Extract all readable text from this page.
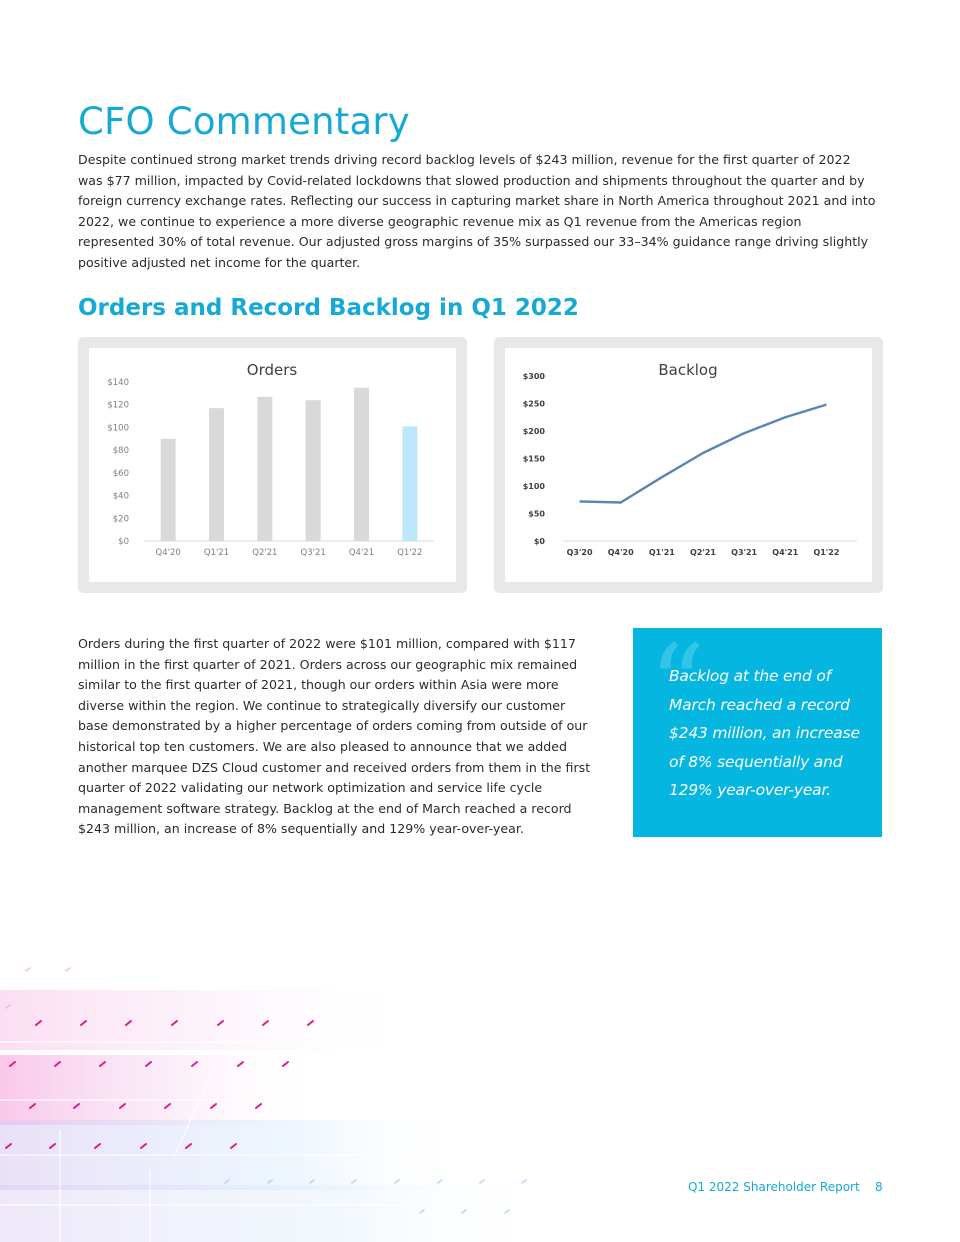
CFO Commentary

Despite continued strong market trends driving record backlog levels of $243 million, revenue for the first quarter of 2022 was $77 million, impacted by Covid-related lockdowns that slowed production and shipments throughout the quarter and by foreign currency exchange rates. Reflecting our success in capturing market share in North America throughout 2021 and into 2022, we continue to experience a more diverse geographic revenue mix as Q1 revenue from the Americas region represented 30% of total revenue. Our adjusted gross margins of 35% surpassed our 33–34% guidance range driving slightly positive adjusted net income for the quarter.

Orders and Record Backlog in Q1 2022
Orders
$0
$20
$40
$60
$80
$100
$120
$140
Q4'20	Q1'21	Q2'21	Q3'21	Q4'21	Q1'22
Backlog
$0
$50
$100
$150
$200
$250
$300
Q3'20 Q4'20 Q1'21 Q2'21 Q3'21 Q4'21 Q1'22

Orders during the first quarter of 2022 were $101 million, compared with $117 million in the first quarter of 2021. Orders across our geographic mix remained similar to the first quarter of 2021, though our orders within Asia were more diverse within the region. We continue to strategically diversify our customer base demonstrated by a higher percentage of orders coming from outside of our historical top ten customers. We are also pleased to announce that we added another marquee DZS Cloud customer and received orders from them in the first quarter of 2022 validating our network optimization and service life cycle management software strategy. Backlog at the end of March reached a record $243 million, an increase of 8% sequentially and 129% year-over-year.

“
Backlog at the end of March reached a record $243 million, an increase of 8% sequentially and 129% year-over-year.
Q1 2022 Shareholder Report 8
